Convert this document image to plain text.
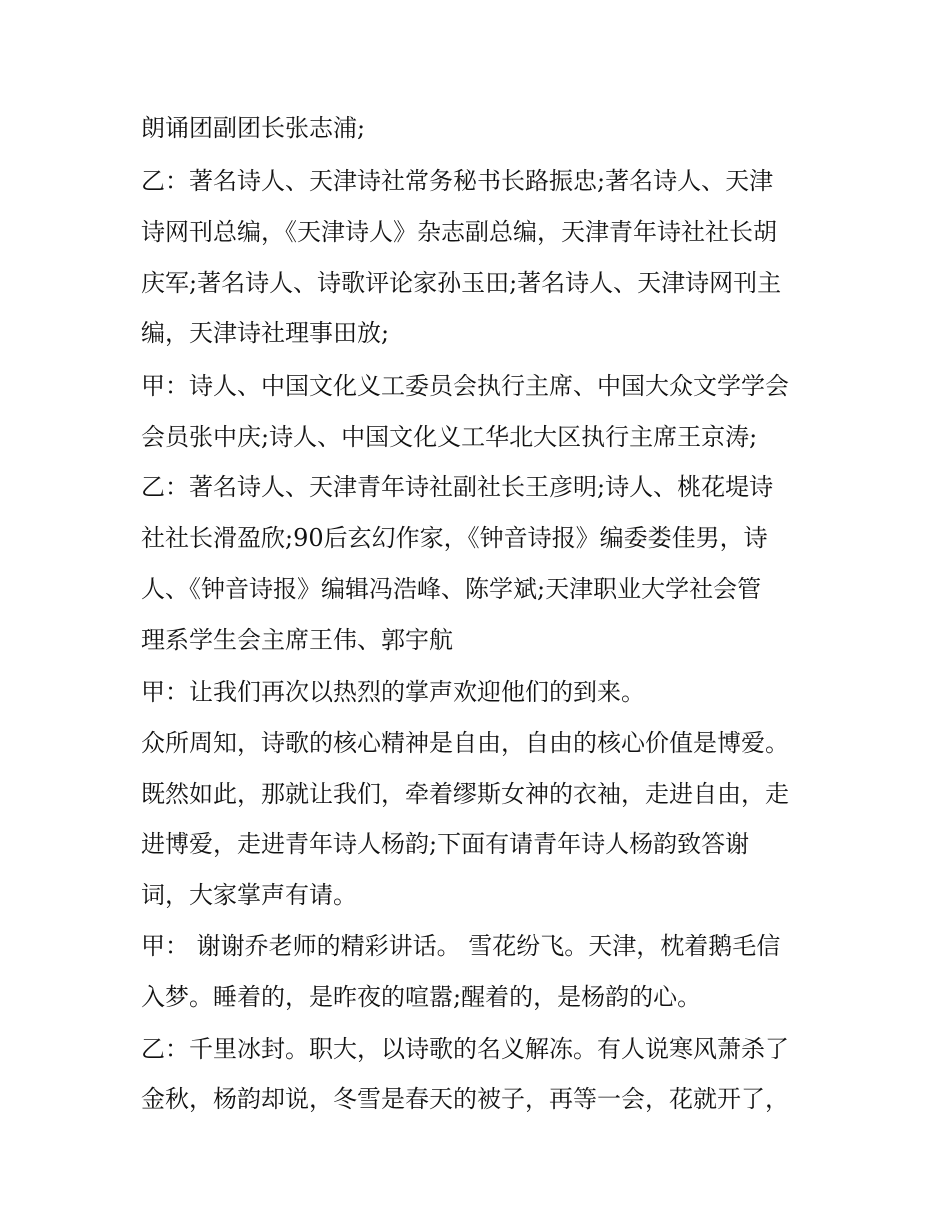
朗诵团副团长张志浦;
乙：著名诗人、天津诗社常务秘书长路振忠;著名诗人、天津
诗网刊总编，《天津诗人》杂志副总编，天津青年诗社社长胡
庆军;著名诗人、诗歌评论家孙玉田;著名诗人、天津诗网刊主
编，天津诗社理事田放;
甲：诗人、中国文化义工委员会执行主席、中国大众文学学会
会员张中庆;诗人、中国文化义工华北大区执行主席王京涛;
乙：著名诗人、天津青年诗社副社长王彦明;诗人、桃花堤诗
社社长滑盈欣;90后玄幻作家，《钟音诗报》编委娄佳男，诗
人、《钟音诗报》编辑冯浩峰、陈学斌;天津职业大学社会管
理系学生会主席王伟、郭宇航
甲：让我们再次以热烈的掌声欢迎他们的到来。
众所周知，诗歌的核心精神是自由，自由的核心价值是博爱。
既然如此，那就让我们，牵着缪斯女神的衣袖，走进自由，走
进博爱，走进青年诗人杨韵;下面有请青年诗人杨韵致答谢
词，大家掌声有请。
甲： 谢谢乔老师的精彩讲话。 雪花纷飞。天津，枕着鹅毛信
入梦。睡着的，是昨夜的喧嚣;醒着的，是杨韵的心。
乙：千里冰封。职大，以诗歌的名义解冻。有人说寒风萧杀了
金秋，杨韵却说，冬雪是春天的被子，再等一会，花就开了，
